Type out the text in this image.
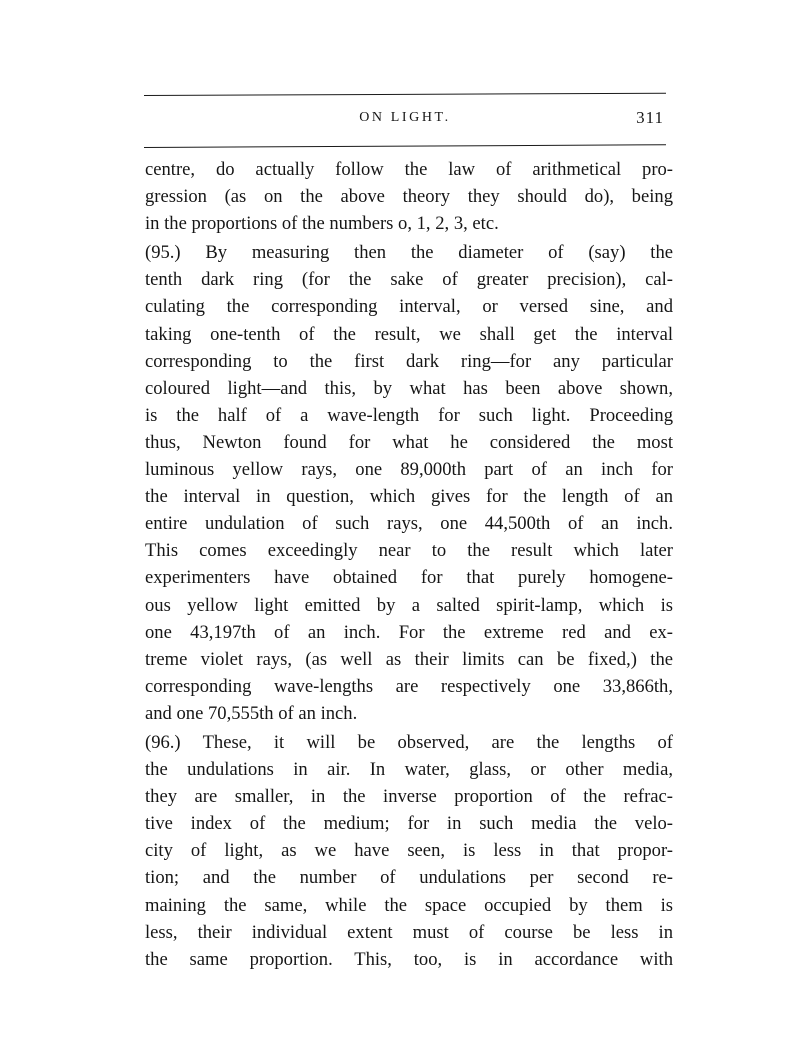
ON LIGHT.	311
centre, do actually follow the law of arithmetical pro-
gression (as on the above theory they should do), being
in the proportions of the numbers o, 1, 2, 3, etc.
(95.) By measuring then the diameter of (say) the
tenth dark ring (for the sake of greater precision), cal-
culating the corresponding interval, or versed sine, and
taking one-tenth of the result, we shall get the interval
corresponding to the first dark ring—for any particular
coloured light—and this, by what has been above shown,
is the half of a wave-length for such light. Proceeding
thus, Newton found for what he considered the most
luminous yellow rays, one 89,000th part of an inch for
the interval in question, which gives for the length of an
entire undulation of such rays, one 44,500th of an inch.
This comes exceedingly near to the result which later
experimenters have obtained for that purely homogene-
ous yellow light emitted by a salted spirit-lamp, which is
one 43,197th of an inch. For the extreme red and ex-
treme violet rays, (as well as their limits can be fixed,) the
corresponding wave-lengths are respectively one 33,866th,
and one 70,555th of an inch.
(96.) These, it will be observed, are the lengths of
the undulations in air. In water, glass, or other media,
they are smaller, in the inverse proportion of the refrac-
tive index of the medium; for in such media the velo-
city of light, as we have seen, is less in that propor-
tion; and the number of undulations per second re-
maining the same, while the space occupied by them is
less, their individual extent must of course be less in
the same proportion. This, too, is in accordance with
